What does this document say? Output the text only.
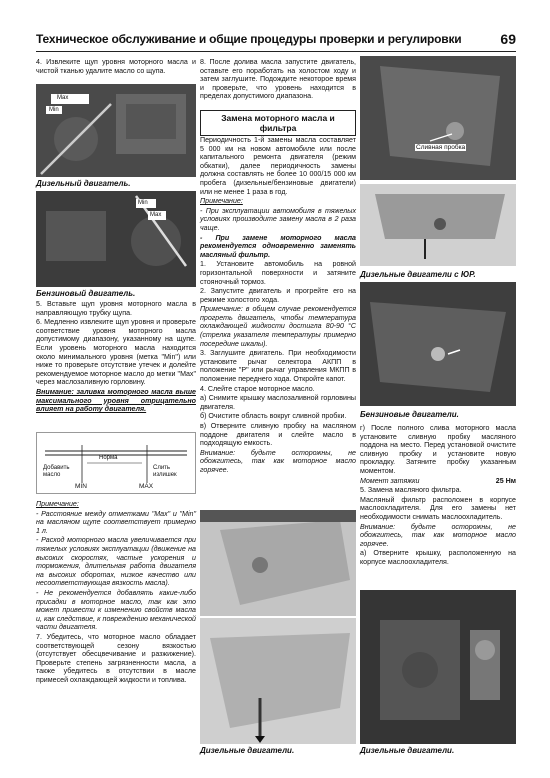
Техническое обслуживание и общие процедуры проверки и регулировки	69

4. Извлеките щуп уровня моторного масла и чистой тканью удалите масло со щупа.

Max
Min
Дизельный двигатель.
Min
Max
Бензиновый двигатель.

5. Вставьте щуп уровня моторного масла в направляющую трубку щупа.

6. Медленно извлеките щуп уровня и проверьте соответствие уровня моторного масла допустимому диапазону, указанному на щупе. Если уровень моторного масла находится около минимального уровня (метка "Min") или ниже то проверьте отсутствие утечек и долейте рекомендуемое моторное масло до метки "Max" через маслозаливную горловину.

Внимание: заливка моторного масла выше максимального уровня отрицательно влияет на работу двигателя.

Добавить масло
Норма
Слить излишек
MIN	MAX

Примечание:

- Расстояние между отметками "Max" и "Min" на масляном щупе соответствует примерно 1 л.

- Расход моторного масла увеличивается при тяжелых условиях эксплуатации (движение на высоких скоростях, частые ускорения и торможения, длительная работа двигателя на высоких оборотах, низкое качество или несоответствующая вязкость масла).

- Не рекомендуется добавлять какие-либо присадки в моторное масло, так как это может привести к изменению свойств масла и, как следствие, к повреждению механической части двигателя.

7. Убедитесь, что моторное масло обладает соответствующей сезону вязкостью (отсутствует обесцвечивание и разжижение). Проверьте степень загрязненности масла, а также убедитесь в отсутствии в масле примесей охлаждающей жидкости и топлива.

8. После долива масла запустите двигатель, оставьте его поработать на холостом ходу и затем заглушите. Подождите некоторое время и проверьте, что уровень находится в пределах допустимого диапазона.

Замена моторного масла и фильтра

Периодичность 1-й замены масла составляет 5 000 км на новом автомобиле или после капитального ремонта двигателя (режим обкатки), далее периодичность замены должна составлять не более 10 000/15 000 км пробега (дизельные/бензиновые двигатели) или не менее 1 раза в год.

Примечание:

- При эксплуатации автомобиля в тяжелых условиях производите замену масла в 2 раза чаще.

- При замене моторного масла рекомендуется одновременно заменять масляный фильтр.

1. Установите автомобиль на ровной горизонтальной поверхности и затяните стояночный тормоз.

2. Запустите двигатель и прогрейте его на режиме холостого хода.

Примечание: в общем случае рекомендуется прогреть двигатель, чтобы температура охлаждающей жидкости достигла 80-90 °С (стрелка указателя температуры примерно посередине шкалы).

3. Заглушите двигатель. При необходимости установите рычаг селектора АКПП в положение "P" или рычаг управления МКПП в положение переднего хода. Откройте капот.

4. Слейте старое моторное масло.

а) Снимите крышку маслозаливной горловины двигателя.

б) Очистите область вокруг сливной пробки.

в) Отверните сливную пробку на масляном поддоне двигателя и слейте масло в подходящую емкость.

Внимание: будьте осторожны, не обожгитесь, так как моторное масло горячее.

Дизельные двигатели.
Сливная пробка
Дизельные двигатели с ЮР.
Бензиновые двигатели.

г) После полного слива моторного масла установите сливную пробку масляного поддона на место. Перед установкой очистите сливную пробку и установите новую прокладку. Затяните пробку указанным моментом.

Момент затяжки	25 Нм

5. Замена масляного фильтра.

Масляный фильтр расположен в корпусе маслоохладителя. Для его замены нет необходимости снимать маслоохладитель.

Внимание: будьте осторожны, не обожгитесь, так как моторное масло горячее.

а) Отверните крышку, расположенную на корпусе маслоохладителя.

Дизельные двигатели.
